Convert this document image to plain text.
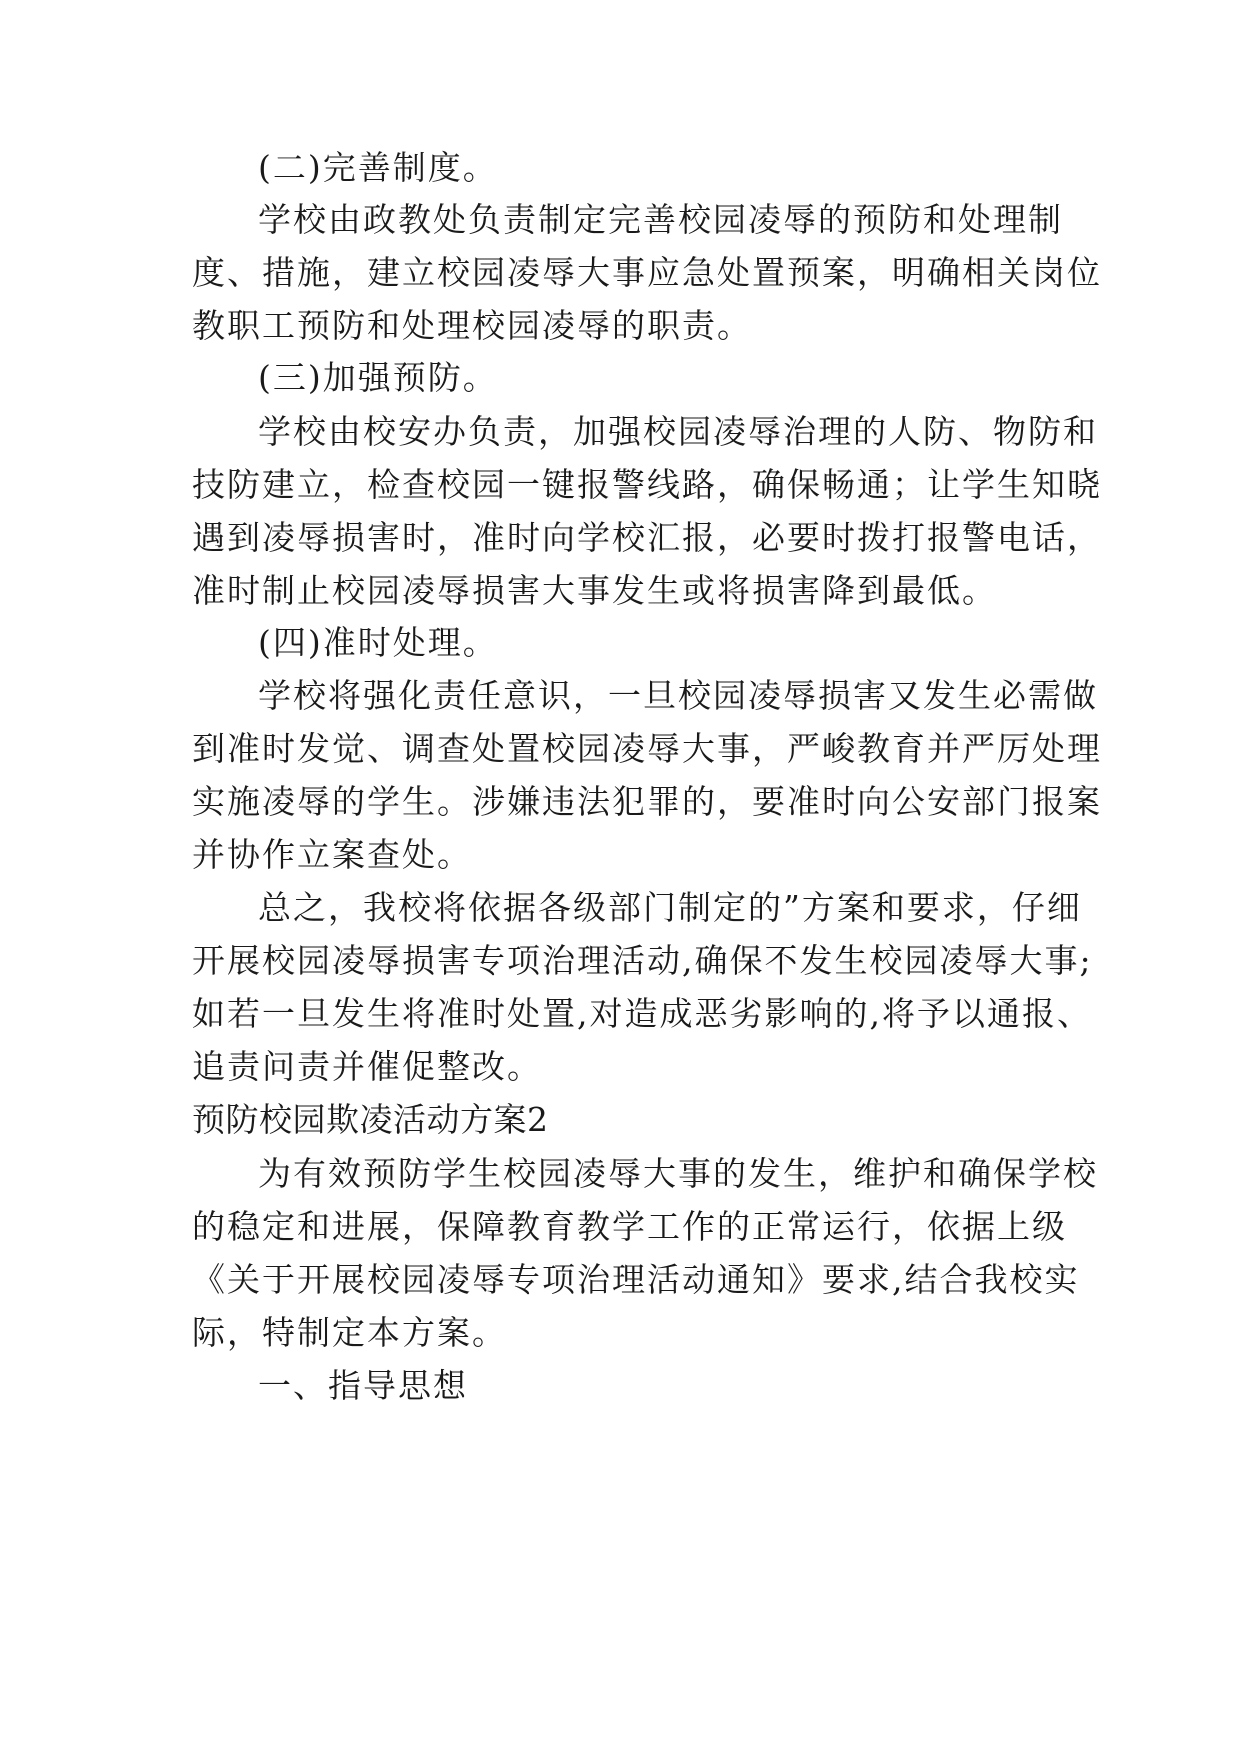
(二)完善制度。
学校由政教处负责制定完善校园凌辱的预防和处理制
度、措施，建立校园凌辱大事应急处置预案，明确相关岗位
教职工预防和处理校园凌辱的职责。
(三)加强预防。
学校由校安办负责，加强校园凌辱治理的人防、物防和
技防建立，检查校园一键报警线路，确保畅通；让学生知晓
遇到凌辱损害时，准时向学校汇报，必要时拨打报警电话，
准时制止校园凌辱损害大事发生或将损害降到最低。
(四)准时处理。
学校将强化责任意识，一旦校园凌辱损害又发生必需做
到准时发觉、调查处置校园凌辱大事，严峻教育并严厉处理
实施凌辱的学生。涉嫌违法犯罪的，要准时向公安部门报案
并协作立案查处。
总之，我校将依据各级部门制定的”方案和要求，仔细
开展校园凌辱损害专项治理活动,确保不发生校园凌辱大事;
如若一旦发生将准时处置,对造成恶劣影响的,将予以通报、
追责问责并催促整改。
预防校园欺凌活动方案2
为有效预防学生校园凌辱大事的发生，维护和确保学校
的稳定和进展，保障教育教学工作的正常运行，依据上级
《关于开展校园凌辱专项治理活动通知》要求,结合我校实
际，特制定本方案。
一、指导思想
